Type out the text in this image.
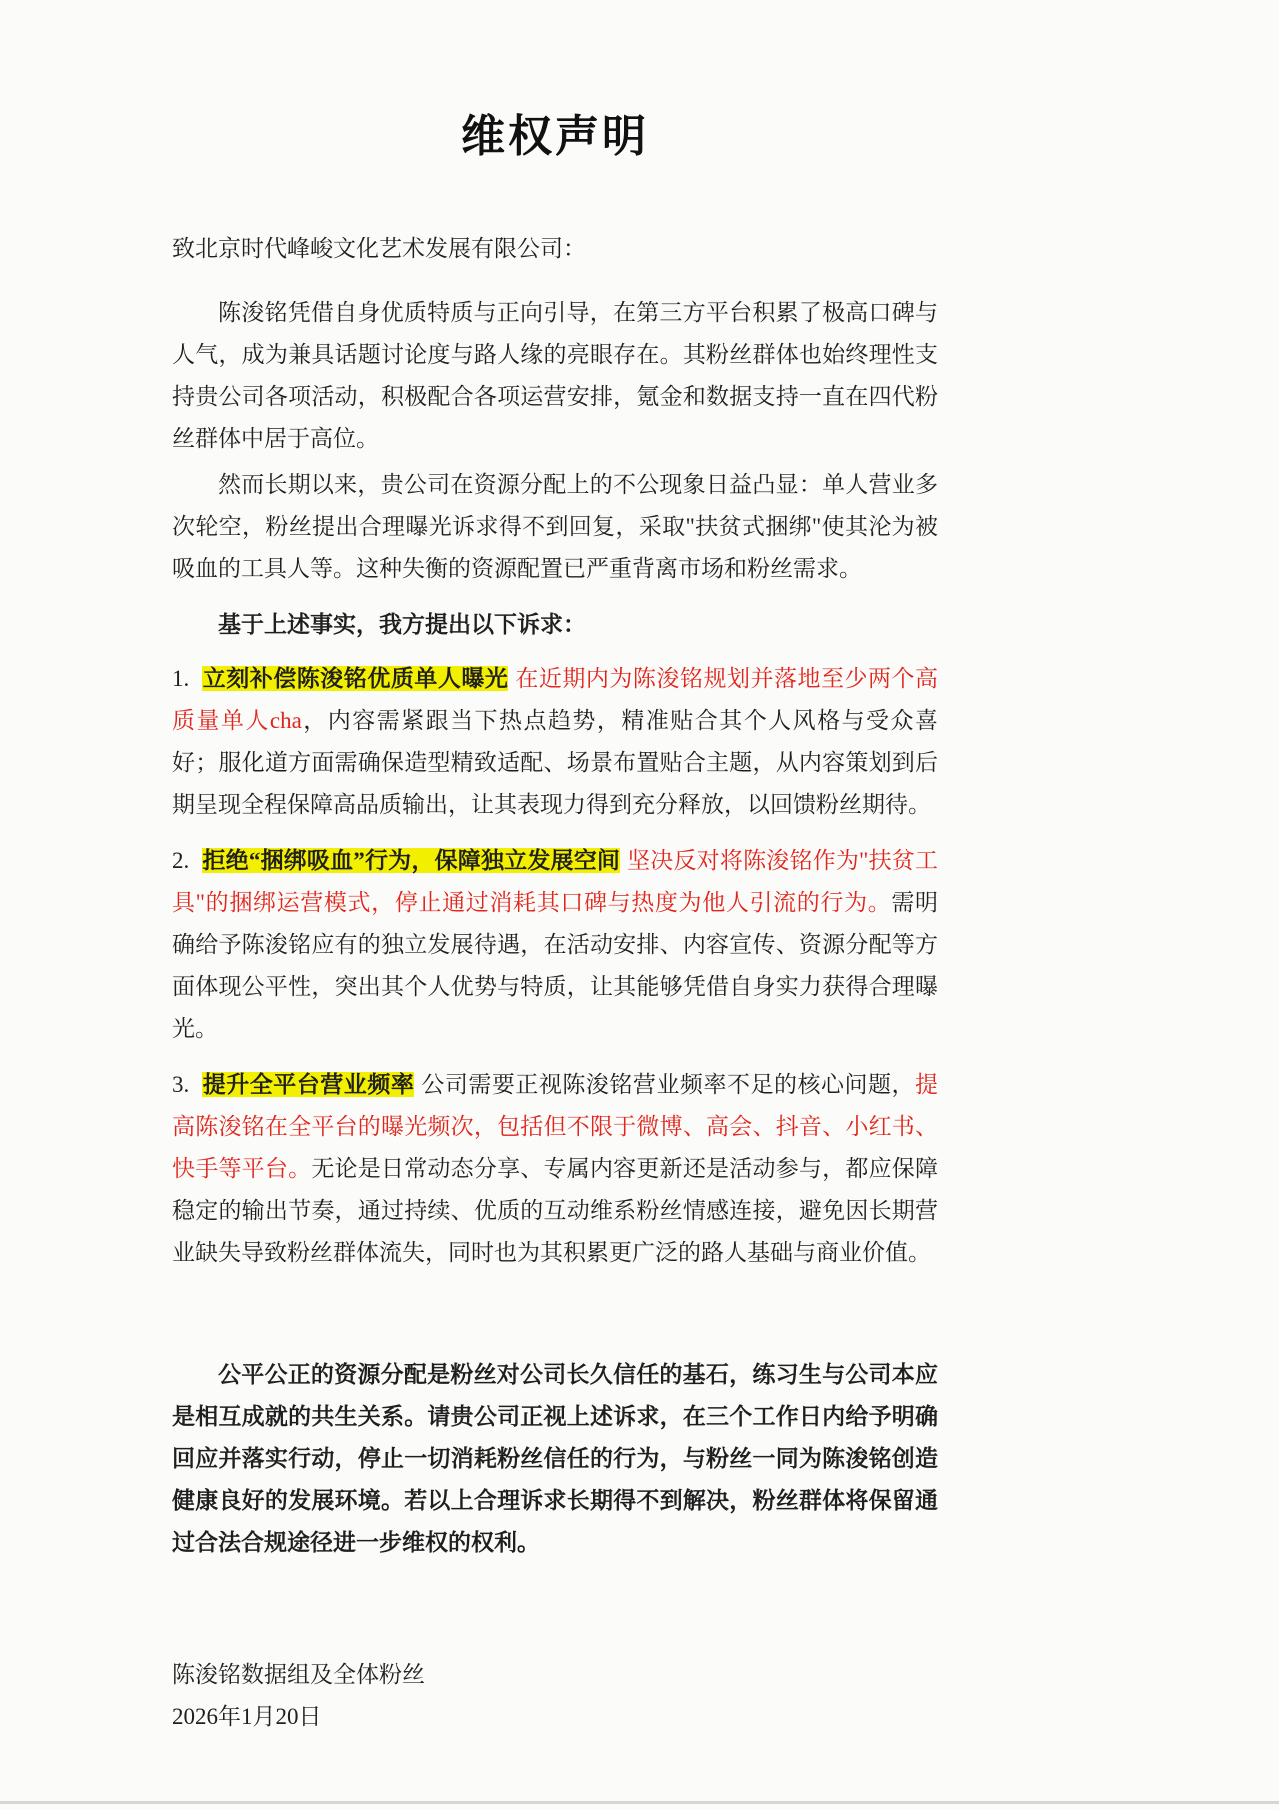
维权声明

致北京时代峰峻文化艺术发展有限公司：

陈浚铭凭借自身优质特质与正向引导，在第三方平台积累了极高口碑与人气，成为兼具话题讨论度与路人缘的亮眼存在。其粉丝群体也始终理性支持贵公司各项活动，积极配合各项运营安排，氪金和数据支持一直在四代粉丝群体中居于高位。

然而长期以来，贵公司在资源分配上的不公现象日益凸显：单人营业多次轮空，粉丝提出合理曝光诉求得不到回复，采取"扶贫式捆绑"使其沦为被吸血的工具人等。这种失衡的资源配置已严重背离市场和粉丝需求。

基于上述事实，我方提出以下诉求：

1. 立刻补偿陈浚铭优质单人曝光 在近期内为陈浚铭规划并落地至少两个高质量单人cha，内容需紧跟当下热点趋势，精准贴合其个人风格与受众喜好；服化道方面需确保造型精致适配、场景布置贴合主题，从内容策划到后期呈现全程保障高品质输出，让其表现力得到充分释放，以回馈粉丝期待。

2. 拒绝“捆绑吸血”行为，保障独立发展空间 坚决反对将陈浚铭作为"扶贫工具"的捆绑运营模式，停止通过消耗其口碑与热度为他人引流的行为。需明确给予陈浚铭应有的独立发展待遇，在活动安排、内容宣传、资源分配等方面体现公平性，突出其个人优势与特质，让其能够凭借自身实力获得合理曝光。

3. 提升全平台营业频率 公司需要正视陈浚铭营业频率不足的核心问题，提高陈浚铭在全平台的曝光频次，包括但不限于微博、高会、抖音、小红书、快手等平台。无论是日常动态分享、专属内容更新还是活动参与，都应保障稳定的输出节奏，通过持续、优质的互动维系粉丝情感连接，避免因长期营业缺失导致粉丝群体流失，同时也为其积累更广泛的路人基础与商业价值。

公平公正的资源分配是粉丝对公司长久信任的基石，练习生与公司本应是相互成就的共生关系。请贵公司正视上述诉求，在三个工作日内给予明确回应并落实行动，停止一切消耗粉丝信任的行为，与粉丝一同为陈浚铭创造健康良好的发展环境。若以上合理诉求长期得不到解决，粉丝群体将保留通过合法合规途径进一步维权的权利。

陈浚铭数据组及全体粉丝

2026年1月20日
